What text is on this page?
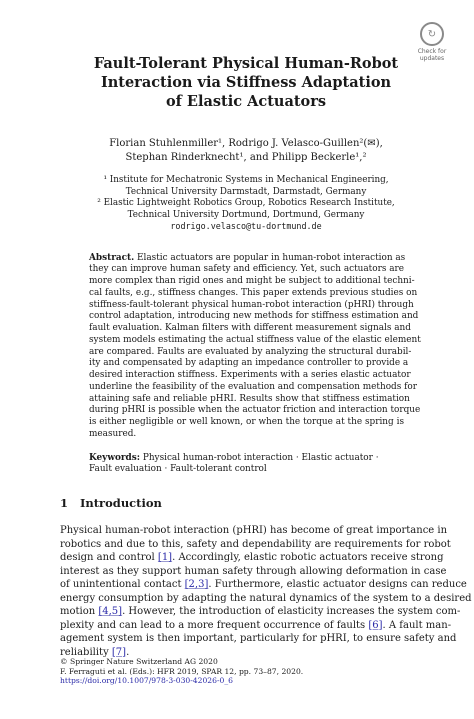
↻
Check for
updates
Fault-Tolerant Physical Human-Robot
Interaction via Stiffness Adaptation
of Elastic Actuators
Florian Stuhlenmiller¹, Rodrigo J. Velasco-Guillen²(✉),
Stephan Rinderknecht¹, and Philipp Beckerle¹,²
¹ Institute for Mechatronic Systems in Mechanical Engineering,
Technical University Darmstadt, Darmstadt, Germany
² Elastic Lightweight Robotics Group, Robotics Research Institute,
Technical University Dortmund, Dortmund, Germany
rodrigo.velasco@tu-dortmund.de
Abstract. Elastic actuators are popular in human-robot interaction as
they can improve human safety and efficiency. Yet, such actuators are
more complex than rigid ones and might be subject to additional techni-
cal faults, e.g., stiffness changes. This paper extends previous studies on
stiffness-fault-tolerant physical human-robot interaction (pHRI) through
control adaptation, introducing new methods for stiffness estimation and
fault evaluation. Kalman filters with different measurement signals and
system models estimating the actual stiffness value of the elastic element
are compared. Faults are evaluated by analyzing the structural durabil-
ity and compensated by adapting an impedance controller to provide a
desired interaction stiffness. Experiments with a series elastic actuator
underline the feasibility of the evaluation and compensation methods for
attaining safe and reliable pHRI. Results show that stiffness estimation
during pHRI is possible when the actuator friction and interaction torque
is either negligible or well known, or when the torque at the spring is
measured.
Keywords: Physical human-robot interaction · Elastic actuator ·
Fault evaluation · Fault-tolerant control
1	Introduction
Physical human-robot interaction (pHRI) has become of great importance in
robotics and due to this, safety and dependability are requirements for robot
design and control [1]. Accordingly, elastic robotic actuators receive strong
interest as they support human safety through allowing deformation in case
of unintentional contact [2,3]. Furthermore, elastic actuator designs can reduce
energy consumption by adapting the natural dynamics of the system to a desired
motion [4,5]. However, the introduction of elasticity increases the system com-
plexity and can lead to a more frequent occurrence of faults [6]. A fault man-
agement system is then important, particularly for pHRI, to ensure safety and
reliability [7].
© Springer Nature Switzerland AG 2020
F. Ferraguti et al. (Eds.): HFR 2019, SPAR 12, pp. 73–87, 2020.
https://doi.org/10.1007/978-3-030-42026-0_6
